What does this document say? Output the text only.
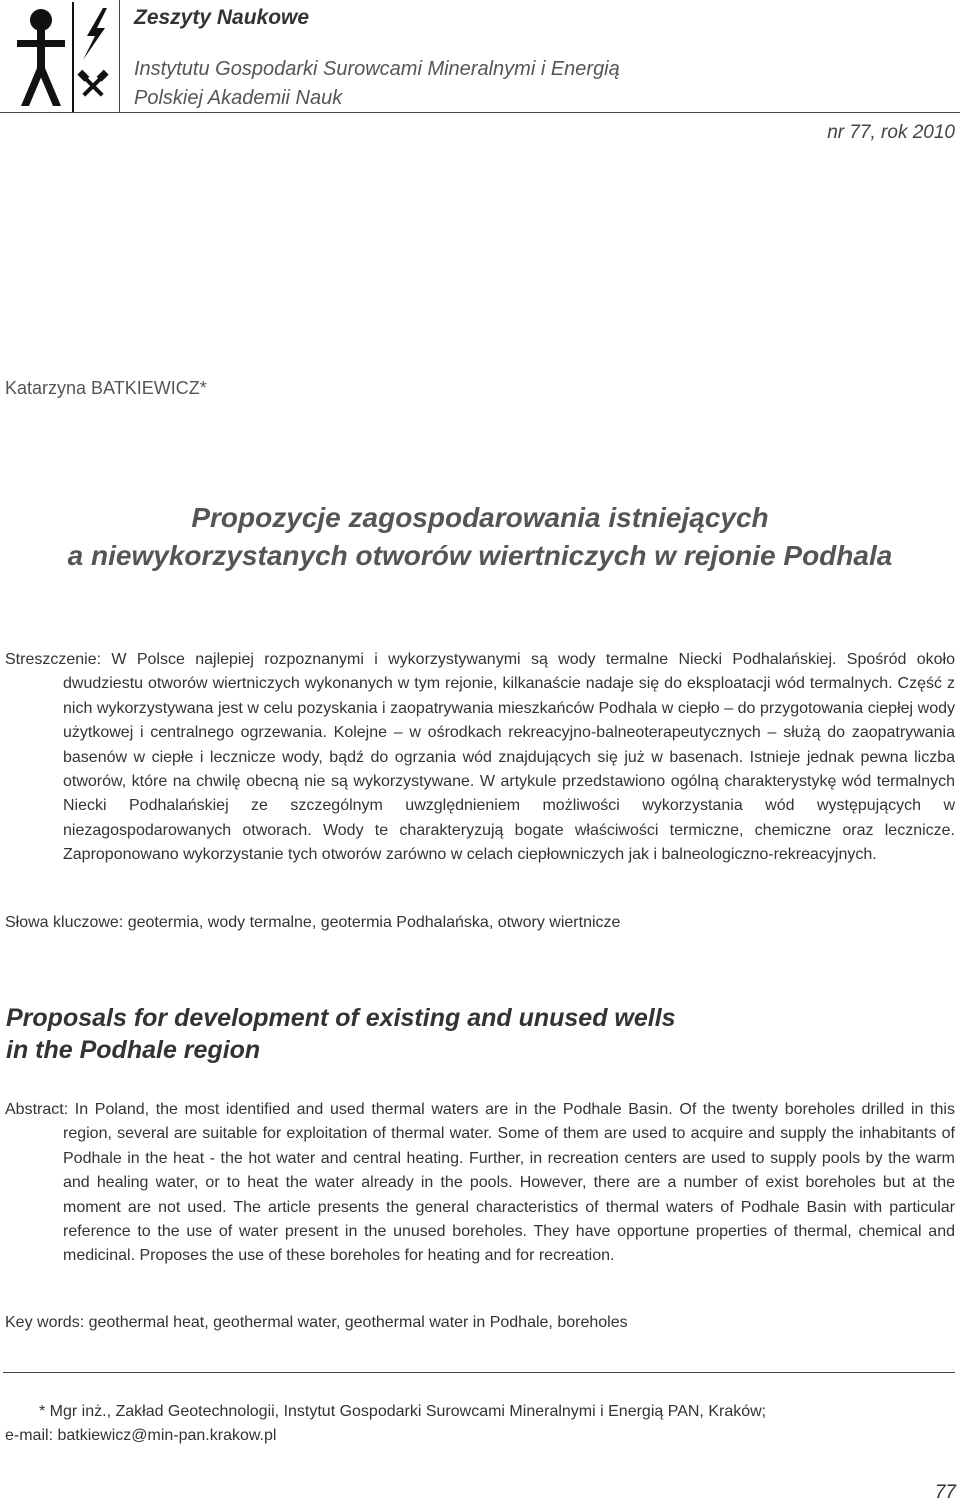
Zeszyty Naukowe
Instytutu Gospodarki Surowcami Mineralnymi i Energią
Polskiej Akademii Nauk
nr 77, rok 2010
Katarzyna BATKIEWICZ*
Propozycje zagospodarowania istniejących
a niewykorzystanych otworów wiertniczych w rejonie Podhala
Streszczenie: W Polsce najlepiej rozpoznanymi i wykorzystywanymi są wody termalne Niecki Podhalańskiej. Spośród około dwudziestu otworów wiertniczych wykonanych w tym rejonie, kilkanaście nadaje się do eksploatacji wód termalnych. Część z nich wykorzystywana jest w celu pozyskania i zaopatrywania mieszkańców Podhala w ciepło – do przygotowania ciepłej wody użytkowej i centralnego ogrzewania. Kolejne – w ośrodkach rekreacyjno-balneoterapeutycznych – służą do zaopatrywania basenów w ciepłe i lecznicze wody, bądź do ogrzania wód znajdujących się już w basenach. Istnieje jednak pewna liczba otworów, które na chwilę obecną nie są wykorzystywane. W artykule przedstawiono ogólną charakterystykę wód termalnych Niecki Podhalańskiej ze szczególnym uwzględnieniem możliwości wykorzystania wód występujących w niezagospodarowanych otworach. Wody te charakteryzują bogate właściwości termiczne, chemiczne oraz lecznicze. Zaproponowano wykorzystanie tych otworów zarówno w celach ciepłowniczych jak i balneologiczno-rekreacyjnych.
Słowa kluczowe: geotermia, wody termalne, geotermia Podhalańska, otwory wiertnicze
Proposals for development of existing and unused wells
in the Podhale region
Abstract: In Poland, the most identified and used thermal waters are in the Podhale Basin. Of the twenty boreholes drilled in this region, several are suitable for exploitation of thermal water. Some of them are used to acquire and supply the inhabitants of Podhale in the heat - the hot water and central heating. Further, in recreation centers are used to supply pools by the warm and healing water, or to heat the water already in the pools. However, there are a number of exist boreholes but at the moment are not used. The article presents the general characteristics of thermal waters of Podhale Basin with particular reference to the use of water present in the unused boreholes. They have opportune properties of thermal, chemical and medicinal. Proposes the use of these boreholes for heating and for recreation.
Key words: geothermal heat, geothermal water, geothermal water in Podhale, boreholes
* Mgr inż., Zakład Geotechnologii, Instytut Gospodarki Surowcami Mineralnymi i Energią PAN, Kraków;
e-mail: batkiewicz@min-pan.krakow.pl
77
